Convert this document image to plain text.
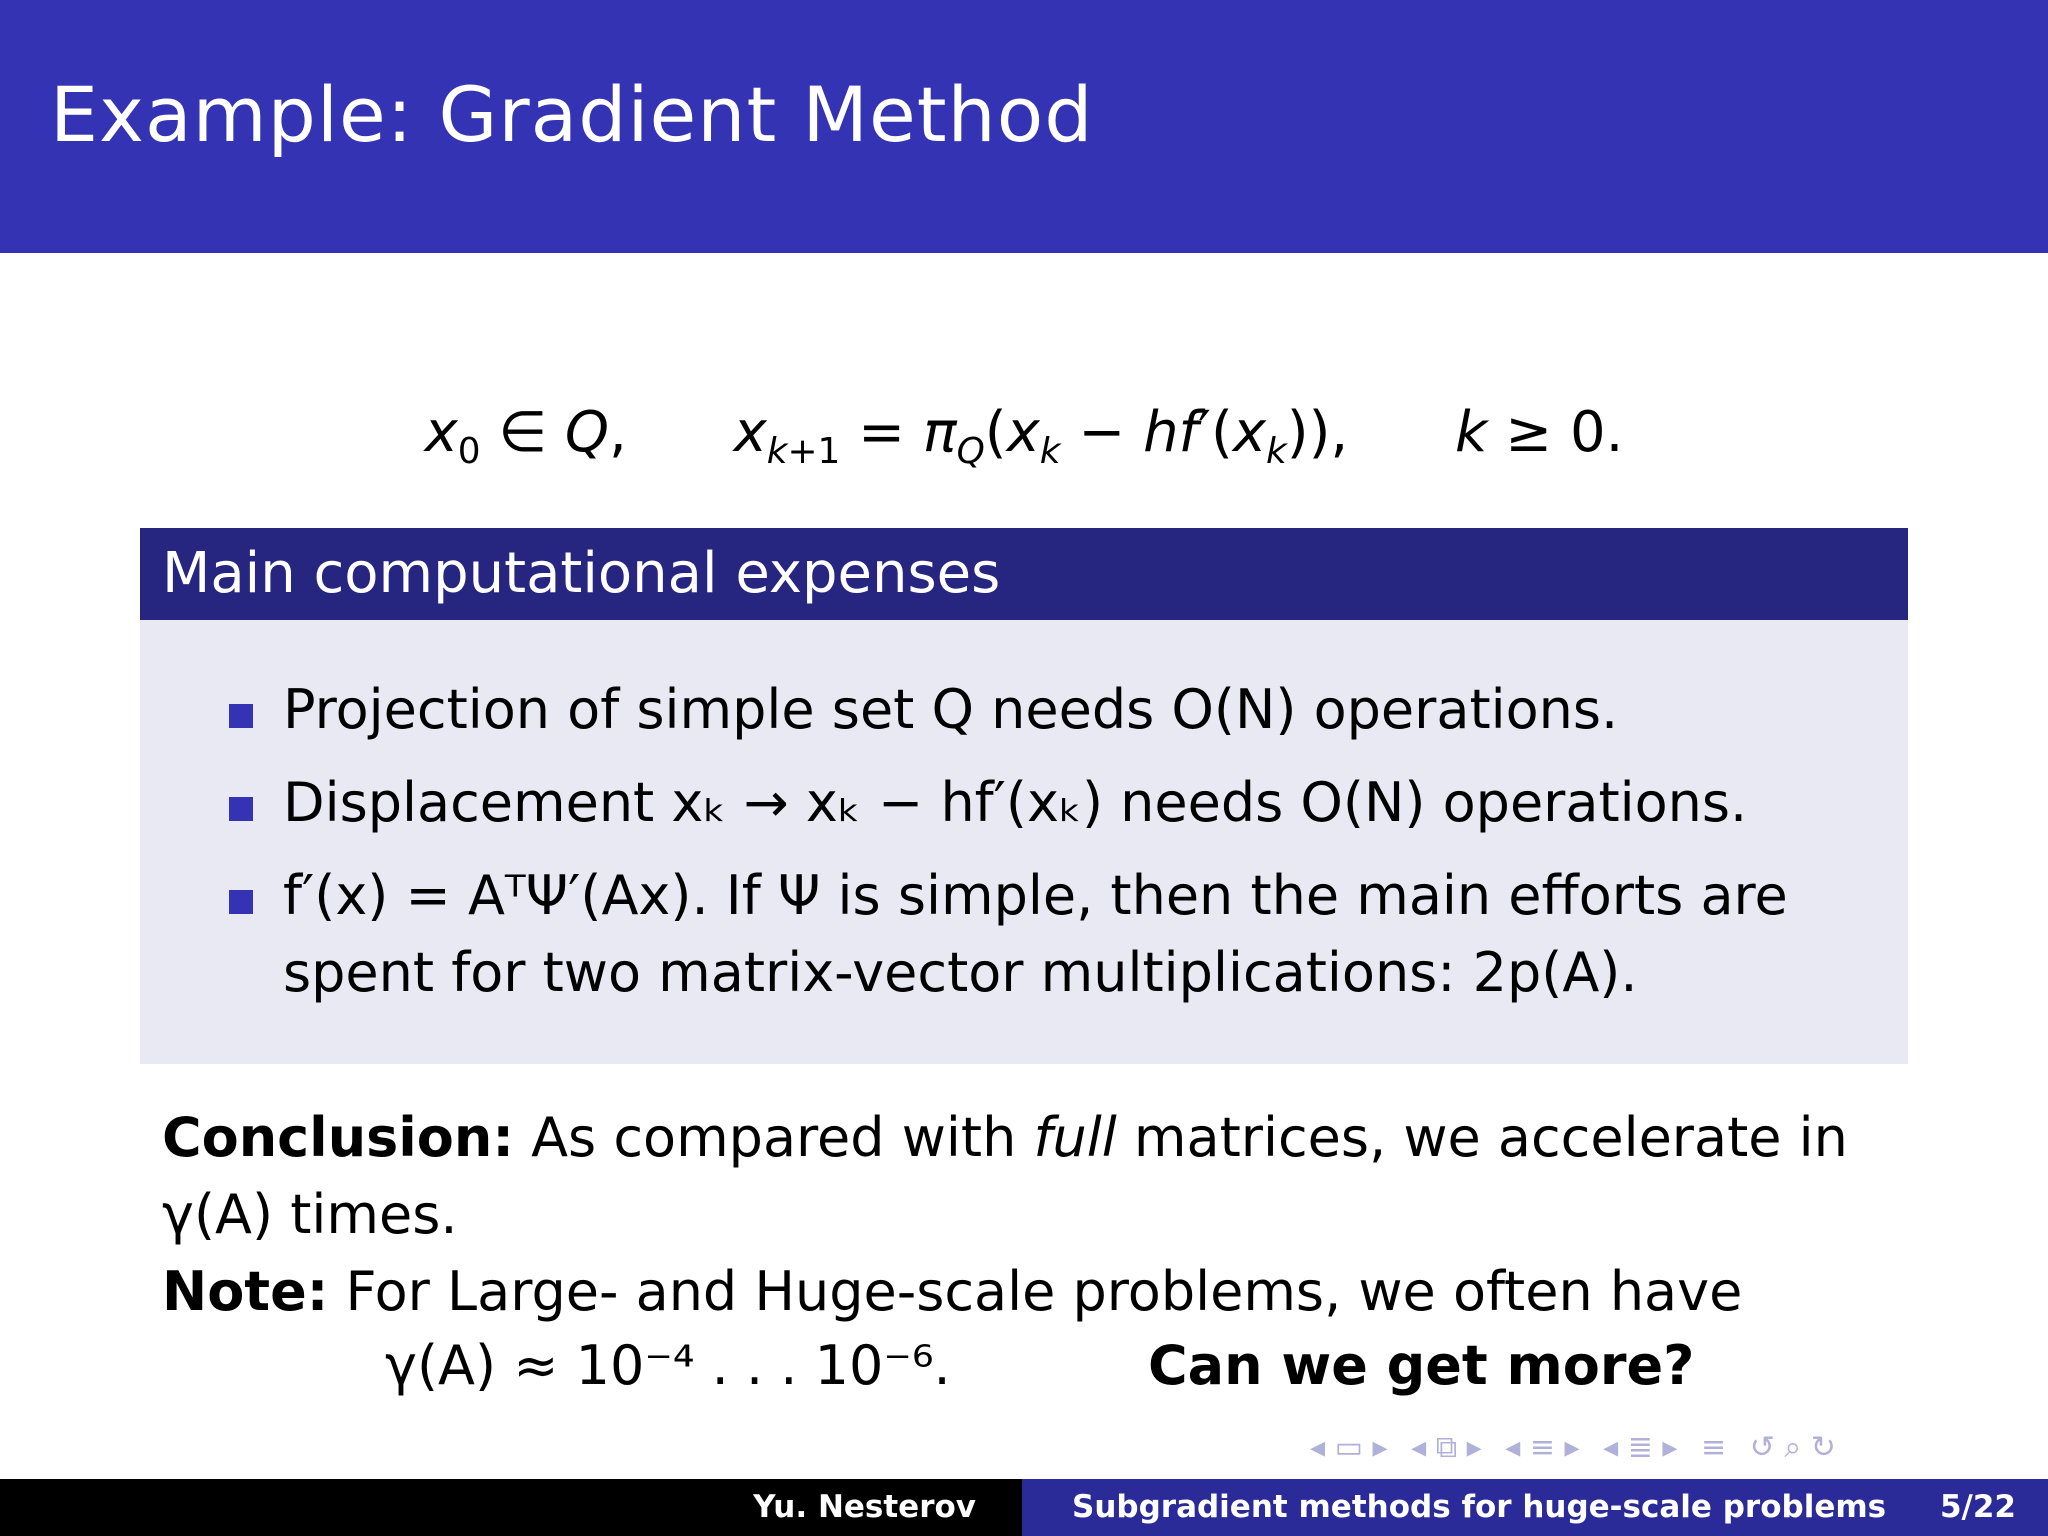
Example: Gradient Method
$x_0$ ∈ Q, $x_{k+1} = \pi_Q(x_k - hf'(x_k))$, k ≥ 0.
Main computational expenses
Projection of simple set Q needs O(N) operations.
Displacement xₖ → xₖ − hf′(xₖ) needs O(N) operations.
f′(x) = AᵀΨ′(Ax). If Ψ is simple, then the main efforts are
spent for two matrix-vector multiplications: 2p(A).
Conclusion: As compared with full matrices, we accelerate in
γ(A) times.
Note: For Large- and Huge-scale problems, we often have
γ(A) ≈ 10⁻⁴ . . . 10⁻⁶.	Can we get more?
◂ ▭ ▸ ◂ ⧉ ▸ ◂ ≡ ▸ ◂ ≣ ▸ ≡ ↺ ⌕ ↻
Yu. Nesterov	Subgradient methods for huge-scale problems	5/22
